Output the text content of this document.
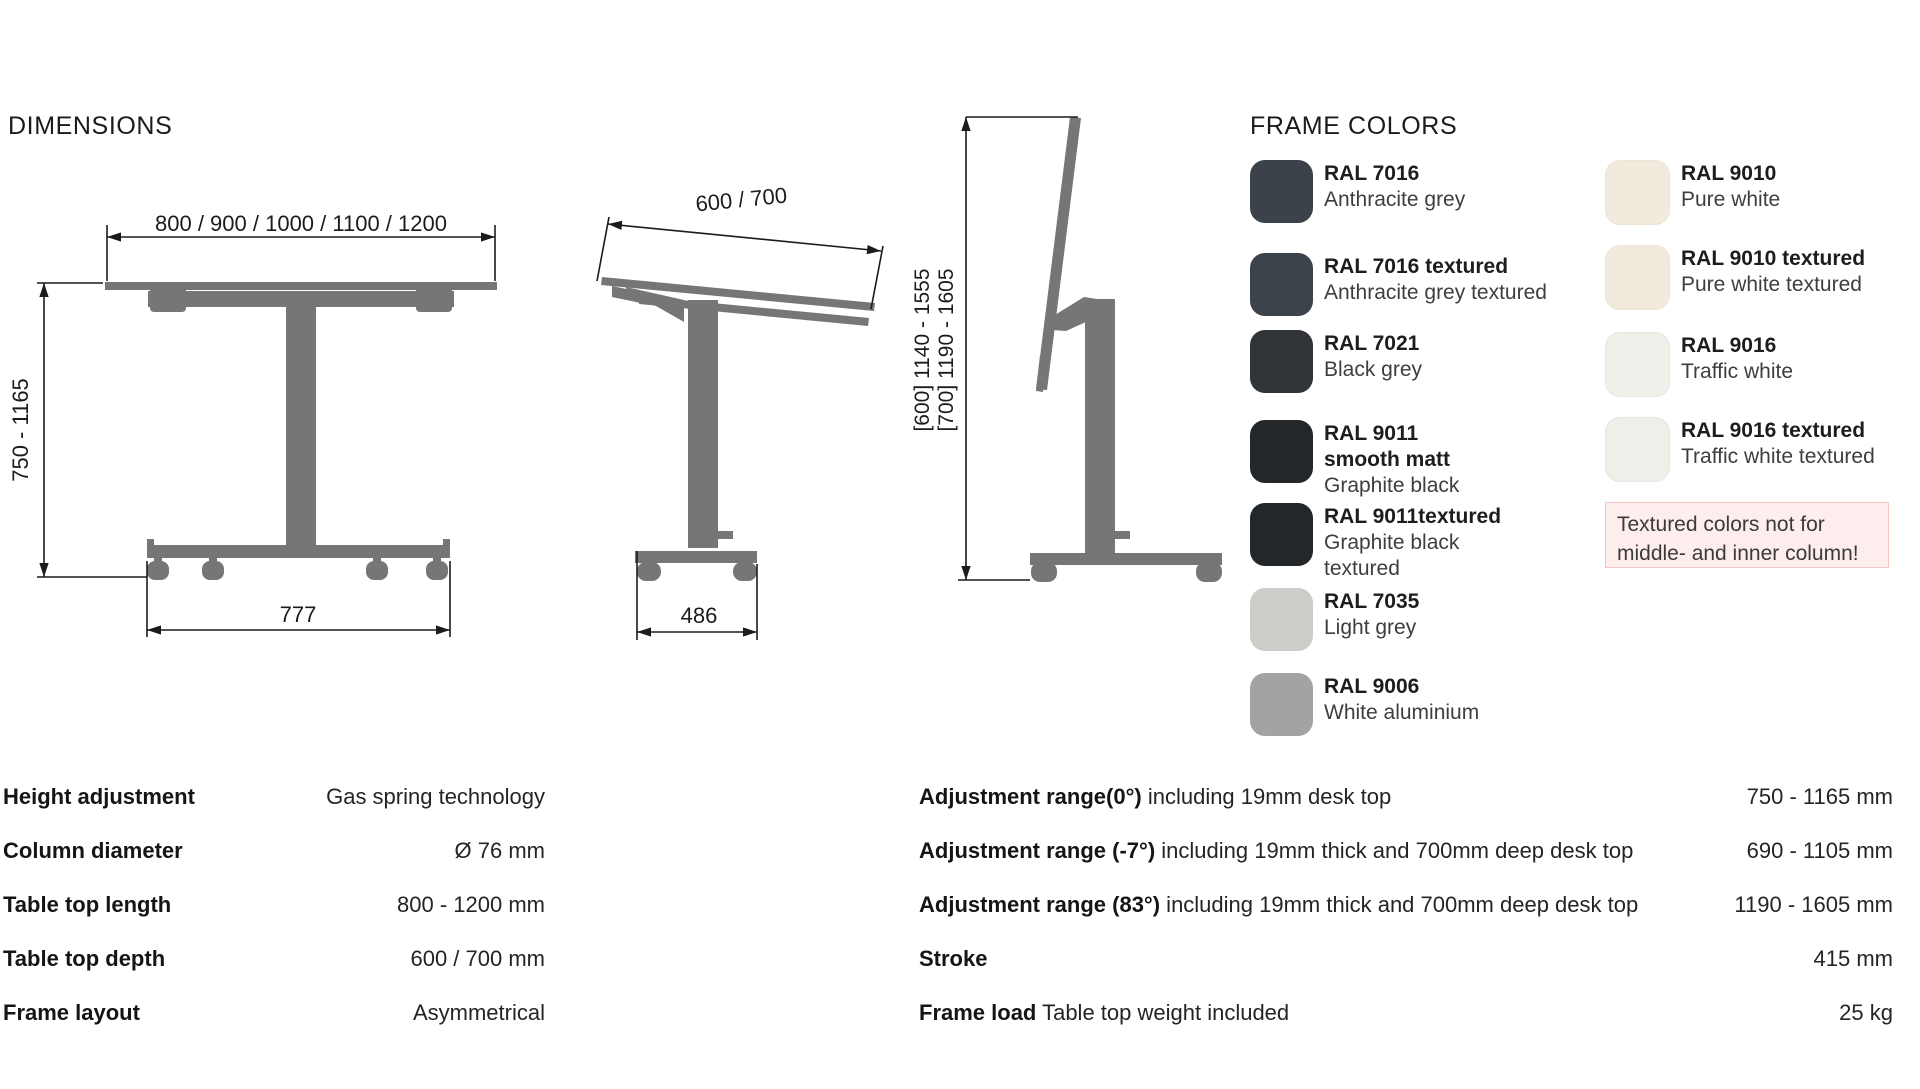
DIMENSIONS	FRAME COLORS
800 / 900 / 1000 / 1100 / 1200
750 - 1165
777
600 / 700
486
[600] 1140 - 1555 [700] 1190 - 1605
RAL 7016
Anthracite grey
RAL 7016 textured
Anthracite grey textured
RAL 7021
Black grey
RAL 9011
smooth matt
Graphite black
RAL 9011textured
Graphite black
textured
RAL 7035
Light grey
RAL 9006
White aluminium
RAL 9010
Pure white
RAL 9010 textured
Pure white textured
RAL 9016
Traffic white
RAL 9016 textured
Traffic white textured
Textured colors not for middle- and inner column!
Height adjustment	Gas spring technology
Column diameter	Ø 76 mm
Table top length	800 - 1200 mm
Table top depth	600 / 700 mm
Frame layout	Asymmetrical
Adjustment range(0°) including 19mm desk top	750 - 1165 mm
Adjustment range (-7°) including 19mm thick and 700mm deep desk top	690 - 1105 mm
Adjustment range (83°) including 19mm thick and 700mm deep desk top	1190 - 1605 mm
Stroke	415 mm
Frame load Table top weight included	25 kg
